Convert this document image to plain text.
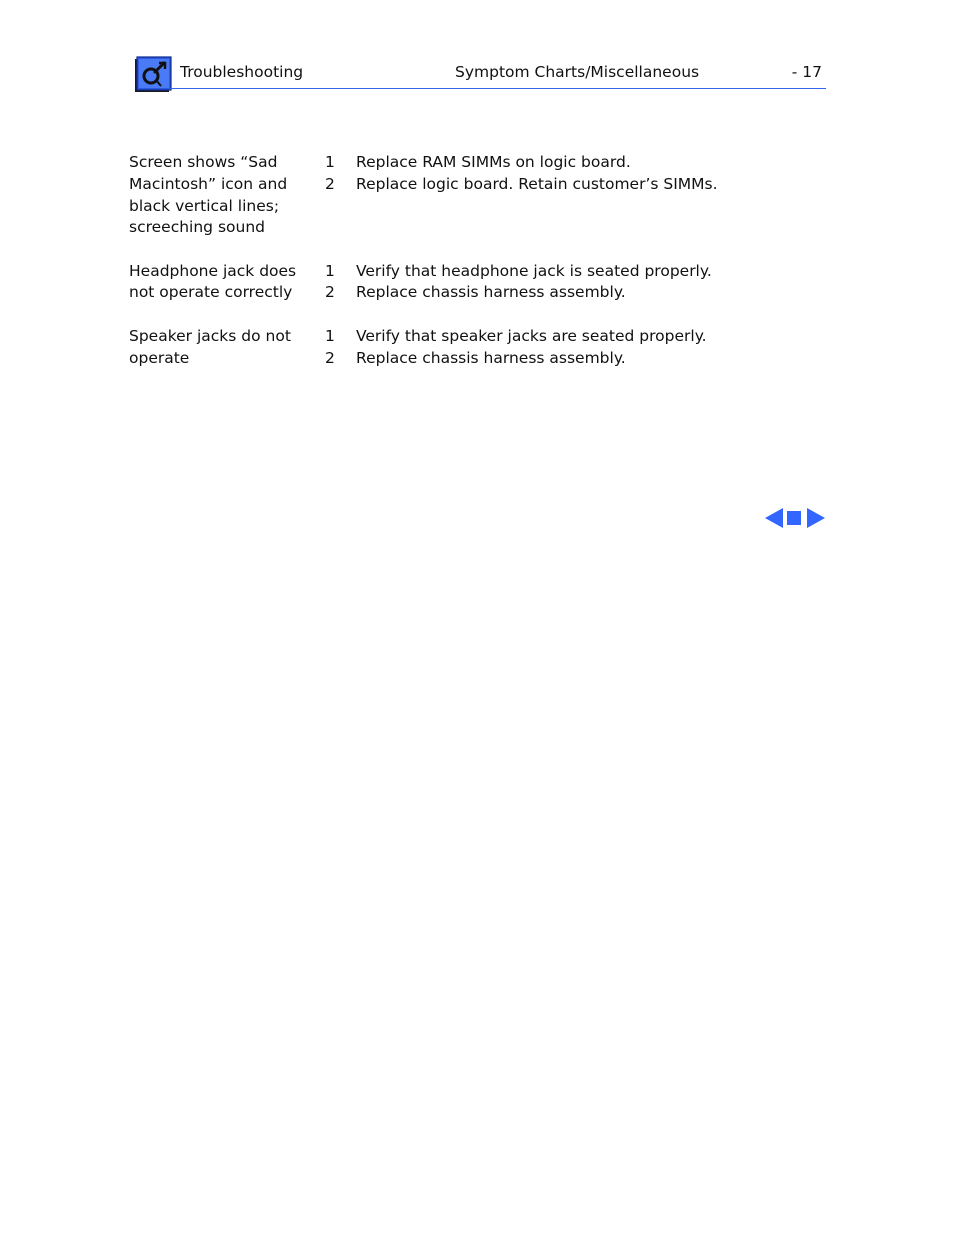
Troubleshooting	Symptom Charts/Miscellaneous	- 17
Screen shows “Sad Macintosh” icon and black vertical lines; screeching sound
1	Replace RAM SIMMs on logic board.
2	Replace logic board. Retain customer’s SIMMs.
Headphone jack does not operate correctly
1	Verify that headphone jack is seated properly.
2	Replace chassis harness assembly.
Speaker jacks do not operate
1	Verify that speaker jacks are seated properly.
2	Replace chassis harness assembly.
